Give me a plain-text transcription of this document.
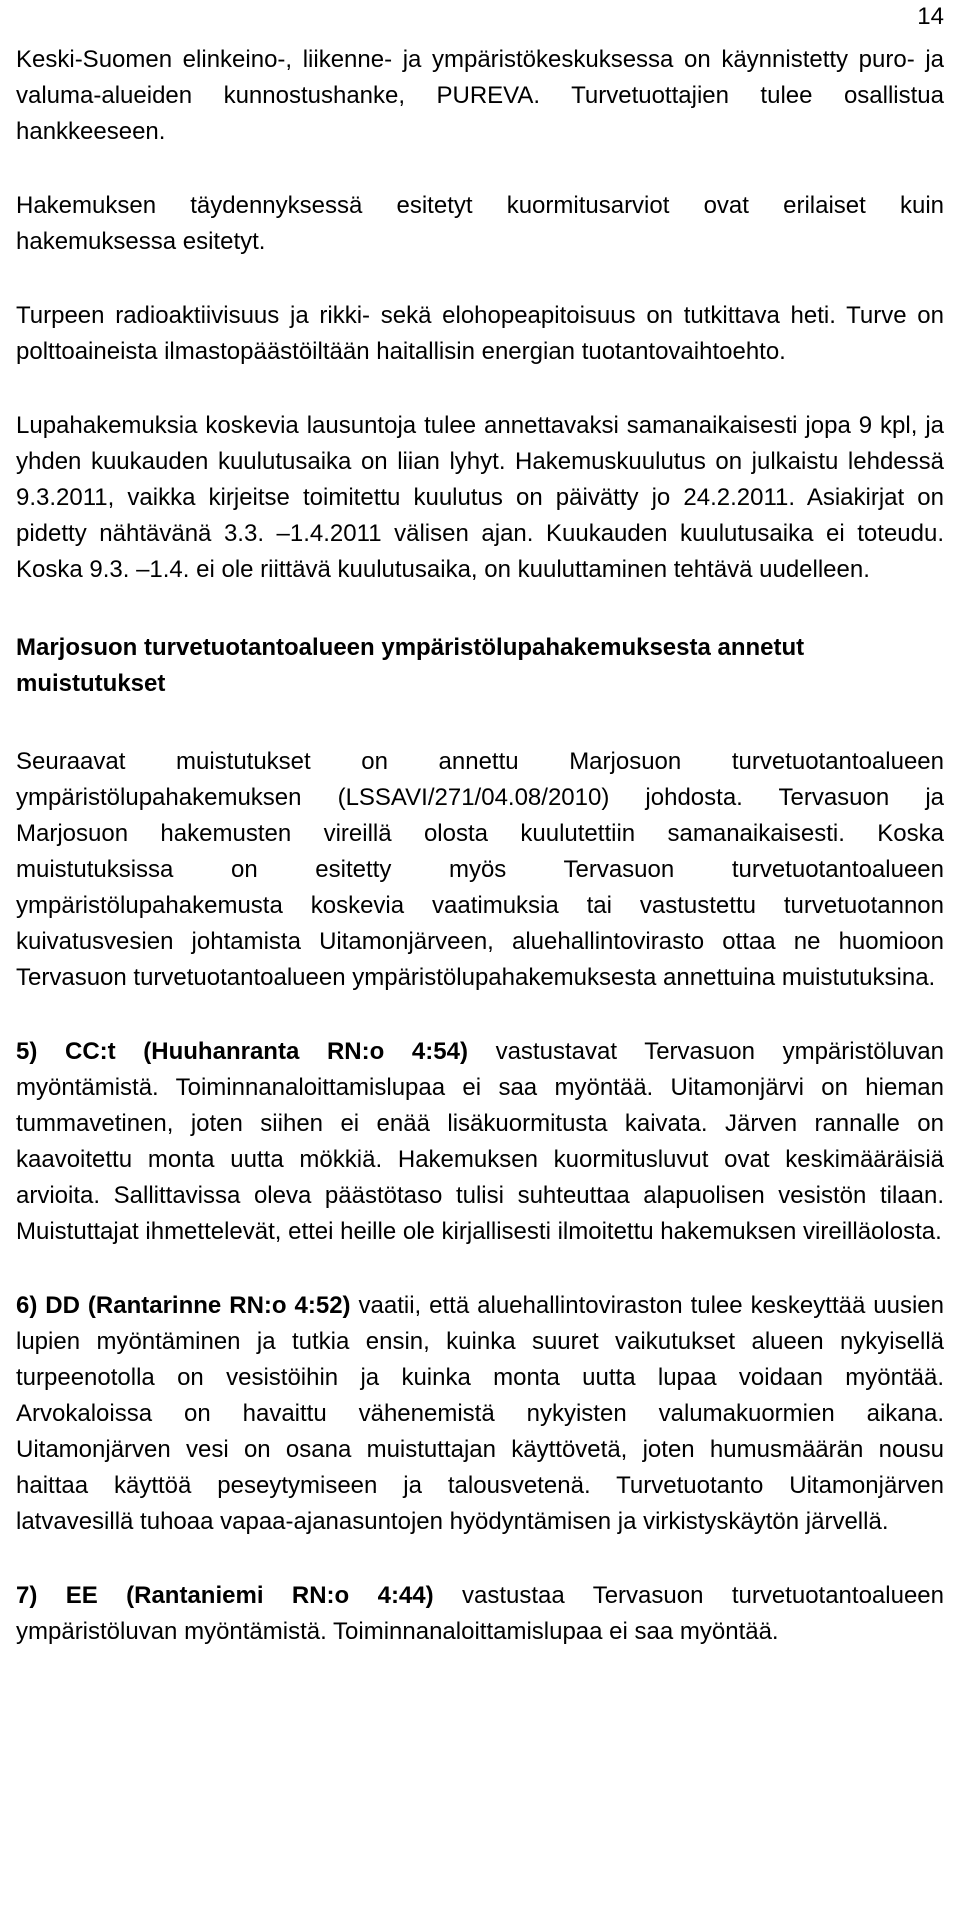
14

Keski-Suomen elinkeino-, liikenne- ja ympäristökeskuksessa on käynnistetty puro- ja valuma-alueiden kunnostushanke, PUREVA. Turvetuottajien tulee osallistua hankkeeseen.

Hakemuksen täydennyksessä esitetyt kuormitusarviot ovat erilaiset kuin hakemuksessa esitetyt.

Turpeen radioaktiivisuus ja rikki- sekä elohopeapitoisuus on tutkittava heti. Turve on polttoaineista ilmastopäästöiltään haitallisin energian tuotantovaihtoehto.

Lupahakemuksia koskevia lausuntoja tulee annettavaksi samanaikaisesti jopa 9 kpl, ja yhden kuukauden kuulutusaika on liian lyhyt. Hakemuskuulutus on julkaistu lehdessä 9.3.2011, vaikka kirjeitse toimitettu kuulutus on päivätty jo 24.2.2011. Asiakirjat on pidetty nähtävänä 3.3. –1.4.2011 välisen ajan. Kuukauden kuulutusaika ei toteudu. Koska 9.3. –1.4. ei ole riittävä kuulutusaika, on kuuluttaminen tehtävä uudelleen.

Marjosuon turvetuotantoalueen ympäristölupahakemuksesta annetut muistutukset

Seuraavat muistutukset on annettu Marjosuon turvetuotantoalueen ympäristölupahakemuksen (LSSAVI/271/04.08/2010) johdosta. Tervasuon ja Marjosuon hakemusten vireillä olosta kuulutettiin samanaikaisesti. Koska muistutuksissa on esitetty myös Tervasuon turvetuotantoalueen ympäristölupahakemusta koskevia vaatimuksia tai vastustettu turvetuotannon kuivatusvesien johtamista Uitamonjärveen, aluehallintovirasto ottaa ne huomioon Tervasuon turvetuotantoalueen ympäristölupahakemuksesta annettuina muistutuksina.

5) CC:t (Huuhanranta RN:o 4:54) vastustavat Tervasuon ympäristöluvan myöntämistä. Toiminnanaloittamislupaa ei saa myöntää. Uitamonjärvi on hieman tummavetinen, joten siihen ei enää lisäkuormitusta kaivata. Järven rannalle on kaavoitettu monta uutta mökkiä. Hakemuksen kuormitusluvut ovat keskimääräisiä arvioita. Sallittavissa oleva päästötaso tulisi suhteuttaa alapuolisen vesistön tilaan. Muistuttajat ihmettelevät, ettei heille ole kirjallisesti ilmoitettu hakemuksen vireilläolosta.

6) DD (Rantarinne RN:o 4:52) vaatii, että aluehallintoviraston tulee keskeyttää uusien lupien myöntäminen ja tutkia ensin, kuinka suuret vaikutukset alueen nykyisellä turpeenotolla on vesistöihin ja kuinka monta uutta lupaa voidaan myöntää. Arvokaloissa on havaittu vähenemistä nykyisten valumakuormien aikana. Uitamonjärven vesi on osana muistuttajan käyttövetä, joten humusmäärän nousu haittaa käyttöä peseytymiseen ja talousvetenä. Turvetuotanto Uitamonjärven latvavesillä tuhoaa vapaa-ajanasuntojen hyödyntämisen ja virkistyskäytön järvellä.

7) EE (Rantaniemi RN:o 4:44) vastustaa Tervasuon turvetuotantoalueen ympäristöluvan myöntämistä. Toiminnanaloittamislupaa ei saa myöntää.
